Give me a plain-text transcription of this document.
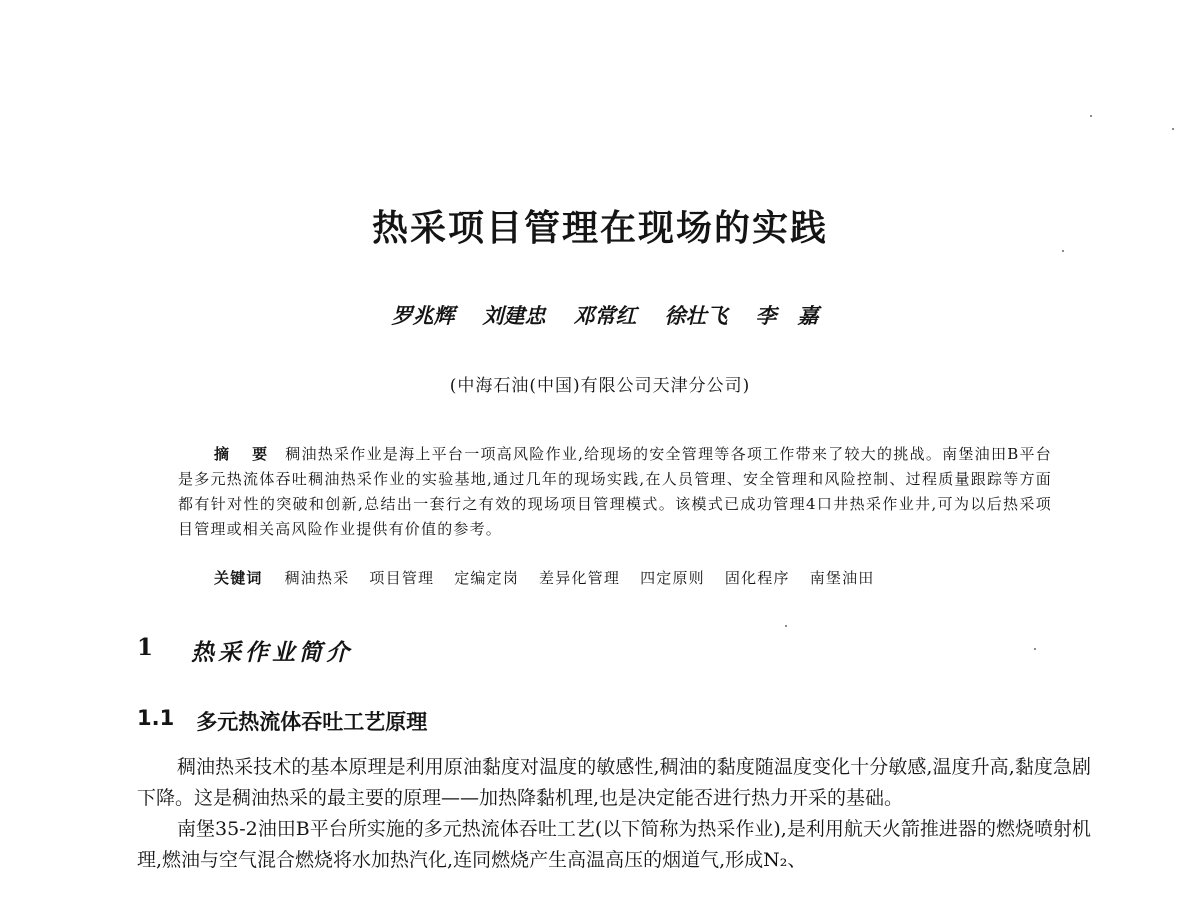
热采项目管理在现场的实践
罗兆辉 刘建忠 邓常红 徐壮飞 李　嘉
(中海石油(中国)有限公司天津分公司)

摘　要 稠油热采作业是海上平台一项高风险作业,给现场的安全管理等各项工作带来了较大的挑战。南堡油田B平台是多元热流体吞吐稠油热采作业的实验基地,通过几年的现场实践,在人员管理、安全管理和风险控制、过程质量跟踪等方面都有针对性的突破和创新,总结出一套行之有效的现场项目管理模式。该模式已成功管理4口井热采作业井,可为以后热采项目管理或相关高风险作业提供有价值的参考。

关键词 稠油热采 项目管理 定编定岗 差异化管理 四定原则 固化程序 南堡油田
1 热采作业简介
1.1 多元热流体吞吐工艺原理

稠油热采技术的基本原理是利用原油黏度对温度的敏感性,稠油的黏度随温度变化十分敏感,温度升高,黏度急剧下降。这是稠油热采的最主要的原理——加热降黏机理,也是决定能否进行热力开采的基础。

南堡35-2油田B平台所实施的多元热流体吞吐工艺(以下简称为热采作业),是利用航天火箭推进器的燃烧喷射机理,燃油与空气混合燃烧将水加热汽化,连同燃烧产生高温高压的烟道气,形成N₂、
